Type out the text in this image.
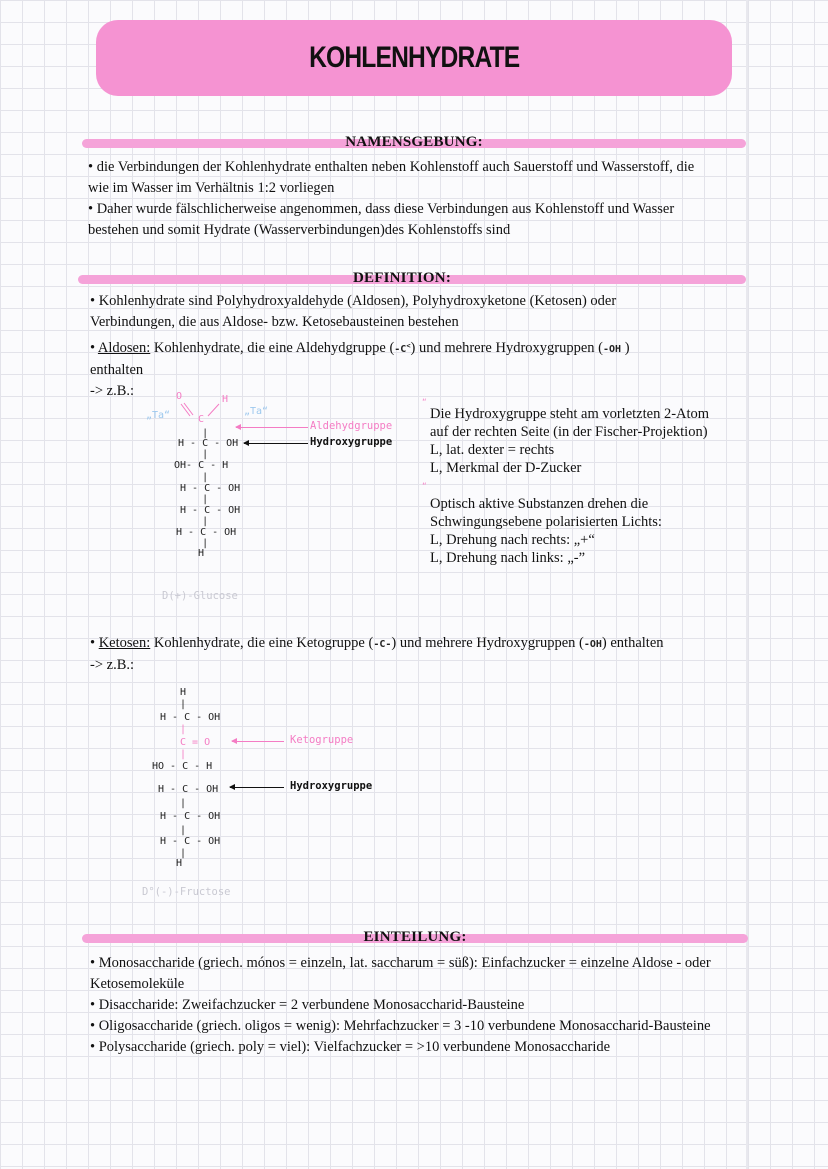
KOHLENHYDRATE
NAMENSGEBUNG:

• die Verbindungen der Kohlenhydrate enthalten neben Kohlenstoff auch Sauerstoff und Wasserstoff, die

wie im Wasser im Verhältnis 1:2 vorliegen

• Daher wurde fälschlicherweise angenommen, dass diese Verbindungen aus Kohlenstoff und Wasser

bestehen und somit Hydrate (Wasserverbindungen)des Kohlenstoffs sind

DEFINITION:

• Kohlenhydrate sind Polyhydroxyaldehyde (Aldosen), Polyhydroxyketone (Ketosen) oder

Verbindungen, die aus Aldose- bzw. Ketosebausteinen bestehen

• Aldosen: Kohlenhydrate, die eine Aldehydgruppe (-C<) und mehrere Hydroxygruppen (-OH )

enthalten

-> z.B.:	O	H
C
„Ta“	„Ta“
|
H - C - OH
|
OH- C - H
|
H - C - OH
|
H - C - OH
|
H - C - OH
|
H
Aldehydgruppe
Hydroxygruppe
D(+)-Glucose
“

Die Hydroxygruppe steht am vorletzten 2-Atom

auf der rechten Seite (in der Fischer-Projektion)

L, lat. dexter = rechts

L, Merkmal der D-Zucker

“

Optisch aktive Substanzen drehen die

Schwingungsebene polarisierten Lichts:

L, Drehung nach rechts: „+“

L, Drehung nach links: „-”

• Ketosen: Kohlenhydrate, die eine Ketogruppe (-C-) und mehrere Hydroxygruppen (-OH) enthalten

-> z.B.:

H
|
H - C - OH
|
C = O
|
HO - C - H
H - C - OH
|
H - C - OH
|
H - C - OH
|
H
Ketogruppe
Hydroxygruppe
D°(-)-Fructose
EINTEILUNG:

• Monosaccharide (griech. mónos = einzeln, lat. saccharum = süß): Einfachzucker = einzelne Aldose - oder

Ketosemoleküle

• Disaccharide: Zweifachzucker = 2 verbundene Monosaccharid-Bausteine

• Oligosaccharide (griech. oligos = wenig): Mehrfachzucker = 3 -10 verbundene Monosaccharid-Bausteine

• Polysaccharide (griech. poly = viel): Vielfachzucker = >10 verbundene Monosaccharide
